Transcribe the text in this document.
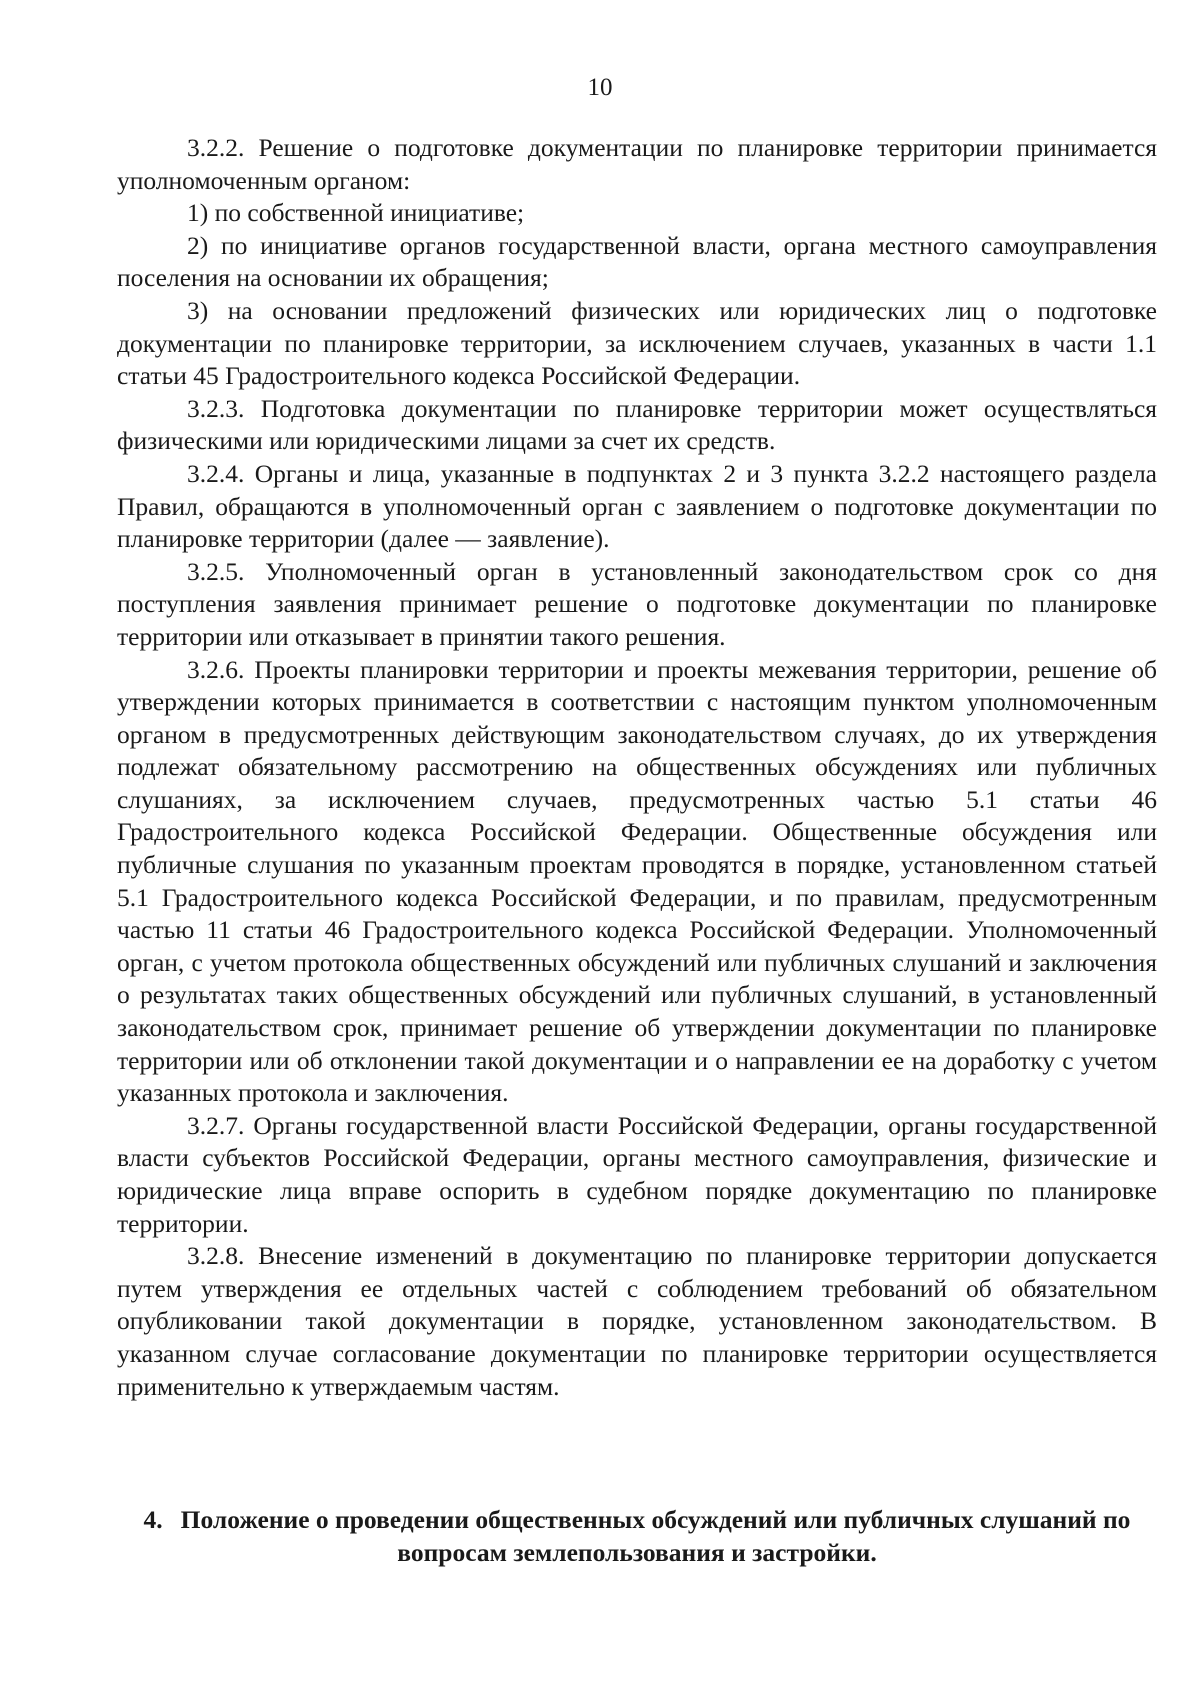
10

3.2.2. Решение о подготовке документации по планировке территории принимается уполномоченным органом:

1) по собственной инициативе;

2) по инициативе органов государственной власти, органа местного самоуправления поселения на основании их обращения;

3) на основании предложений физических или юридических лиц о подготовке документации по планировке территории, за исключением случаев, указанных в части 1.1 статьи 45 Градостроительного кодекса Российской Федерации.

3.2.3. Подготовка документации по планировке территории может осуществляться физическими или юридическими лицами за счет их средств.

3.2.4. Органы и лица, указанные в подпунктах 2 и 3 пункта 3.2.2 настоящего раздела Правил, обращаются в уполномоченный орган с заявлением о подготовке документации по планировке территории (далее — заявление).

3.2.5. Уполномоченный орган в установленный законодательством срок со дня поступления заявления принимает решение о подготовке документации по планировке территории или отказывает в принятии такого решения.

3.2.6. Проекты планировки территории и проекты межевания территории, решение об утверждении которых принимается в соответствии с настоящим пунктом уполномоченным органом в предусмотренных действующим законодательством случаях, до их утверждения подлежат обязательному рассмотрению на общественных обсуждениях или публичных слушаниях, за исключением случаев, предусмотренных частью 5.1 статьи 46 Градостроительного кодекса Российской Федерации. Общественные обсуждения или публичные слушания по указанным проектам проводятся в порядке, установленном статьей 5.1 Градостроительного кодекса Российской Федерации, и по правилам, предусмотренным частью 11 статьи 46 Градостроительного кодекса Российской Федерации. Уполномоченный орган, с учетом протокола общественных обсуждений или публичных слушаний и заключения о результатах таких общественных обсуждений или публичных слушаний, в установленный законодательством срок, принимает решение об утверждении документации по планировке территории или об отклонении такой документации и о направлении ее на доработку с учетом указанных протокола и заключения.

3.2.7. Органы государственной власти Российской Федерации, органы государственной власти субъектов Российской Федерации, органы местного самоуправления, физические и юридические лица вправе оспорить в судебном порядке документацию по планировке территории.

3.2.8. Внесение изменений в документацию по планировке территории допускается путем утверждения ее отдельных частей с соблюдением требований об обязательном опубликовании такой документации в порядке, установленном законодательством. В указанном случае согласование документации по планировке территории осуществляется применительно к утверждаемым частям.

4. Положение о проведении общественных обсуждений или публичных слушаний по вопросам землепользования и застройки.
